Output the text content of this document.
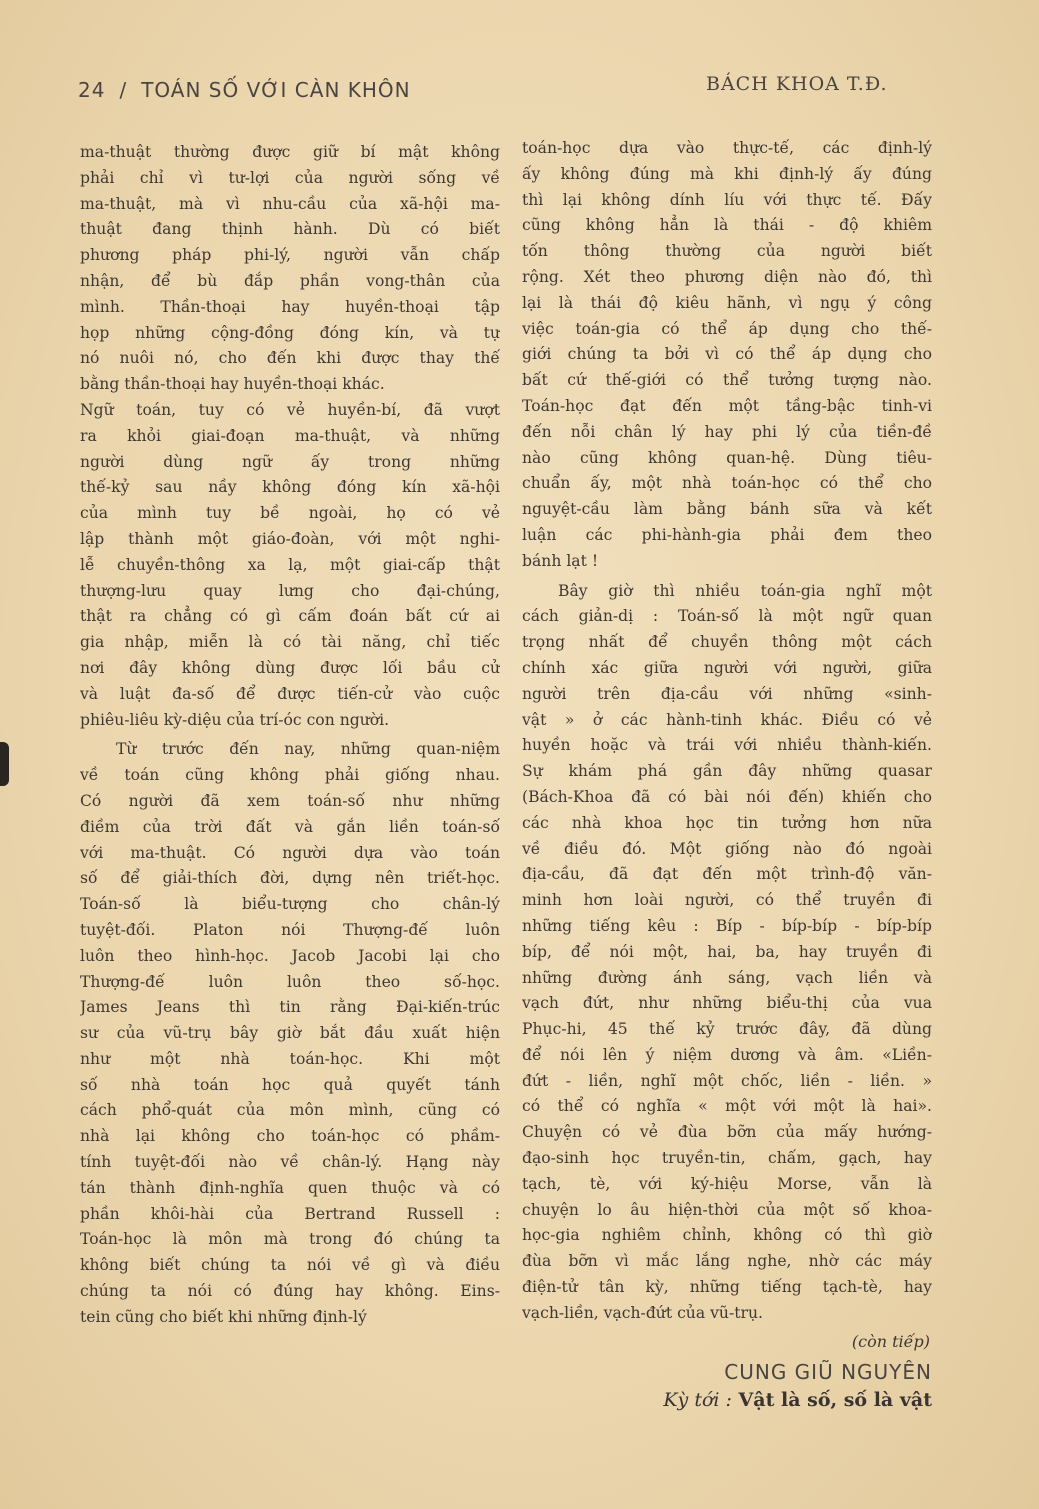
24 / TOÁN SỐ VỚI CÀN KHÔN	BÁCH KHOA T.Đ.
ma-thuật thường được giữ bí mật không
phải chỉ vì tư-lợi của người sống về
ma-thuật, mà vì nhu-cầu của xã-hội ma-
thuật đang thịnh hành. Dù có biết
phương pháp phi-lý, người vẫn chấp
nhận, để bù đắp phần vong-thân của
mình. Thần-thoại hay huyền-thoại tập
họp những cộng-đồng đóng kín, và tự
nó nuôi nó, cho đến khi được thay thế
bằng thần-thoại hay huyền-thoại khác.
Ngữ toán, tuy có vẻ huyền-bí, đã vượt
ra khỏi giai-đoạn ma-thuật, và những
người dùng ngữ ấy trong những
thế-kỷ sau nầy không đóng kín xã-hội
của mình tuy bề ngoài, họ có vẻ
lập thành một giáo-đoàn, với một nghi-
lễ chuyền-thông xa lạ, một giai-cấp thật
thượng-lưu quay lưng cho đại-chúng,
thật ra chẳng có gì cấm đoán bất cứ ai
gia nhập, miễn là có tài năng, chỉ tiếc
nơi đây không dùng được lối bầu cử
và luật đa-số để được tiến-cử vào cuộc
phiêu-liêu kỳ-diệu của trí-óc con người.
Từ trước đến nay, những quan-niệm
về toán cũng không phải giống nhau.
Có người đã xem toán-số như những
điềm của trời đất và gắn liền toán-số
với ma-thuật. Có người dựa vào toán
số để giải-thích đời, dựng nên triết-học.
Toán-số là biểu-tượng cho chân-lý
tuyệt-đối. Platon nói Thượng-đế luôn
luôn theo hình-học. Jacob Jacobi lại cho
Thượng-đế luôn luôn theo số-học.
James Jeans thì tin rằng Đại-kiến-trúc
sư của vũ-trụ bây giờ bắt đầu xuất hiện
như một nhà toán-học. Khi một
số nhà toán học quả quyết tánh
cách phổ-quát của môn mình, cũng có
nhà lại không cho toán-học có phầm-
tính tuyệt-đối nào về chân-lý. Hạng này
tán thành định-nghĩa quen thuộc và có
phần khôi-hài của Bertrand Russell :
Toán-học là môn mà trong đó chúng ta
không biết chúng ta nói về gì và điều
chúng ta nói có đúng hay không. Eins-
tein cũng cho biết khi những định-lý
toán-học dựa vào thực-tế, các định-lý
ấy không đúng mà khi định-lý ấy đúng
thì lại không dính líu với thực tế. Đấy
cũng không hẳn là thái - độ khiêm
tốn thông thường của người biết
rộng. Xét theo phương diện nào đó, thì
lại là thái độ kiêu hãnh, vì ngụ ý công
việc toán-gia có thể áp dụng cho thế-
giới chúng ta bởi vì có thể áp dụng cho
bất cứ thế-giới có thể tưởng tượng nào.
Toán-học đạt đến một tầng-bậc tinh-vi
đến nỗi chân lý hay phi lý của tiền-đề
nào cũng không quan-hệ. Dùng tiêu-
chuẩn ấy, một nhà toán-học có thể cho
nguyệt-cầu làm bằng bánh sữa và kết
luận các phi-hành-gia phải đem theo
bánh lạt !
Bây giờ thì nhiều toán-gia nghĩ một
cách giản-dị : Toán-số là một ngữ quan
trọng nhất để chuyền thông một cách
chính xác giữa người với người, giữa
người trên địa-cầu với những «sinh-
vật » ở các hành-tinh khác. Điều có vẻ
huyền hoặc và trái với nhiều thành-kiến.
Sự khám phá gần đây những quasar
(Bách-Khoa đã có bài nói đến) khiến cho
các nhà khoa học tin tưởng hơn nữa
về điều đó. Một giống nào đó ngoài
địa-cầu, đã đạt đến một trình-độ văn-
minh hơn loài người, có thể truyền đi
những tiếng kêu : Bíp - bíp-bíp - bíp-bíp
bíp, để nói một, hai, ba, hay truyền đi
những đường ánh sáng, vạch liền và
vạch đứt, như những biểu-thị của vua
Phục-hi, 45 thế kỷ trước đây, đã dùng
để nói lên ý niệm dương và âm. «Liền-
đứt - liền, nghĩ một chốc, liền - liền. »
có thể có nghĩa « một với một là hai».
Chuyện có vẻ đùa bỡn của mấy hướng-
đạo-sinh học truyền-tin, chấm, gạch, hay
tạch, tè, với ký-hiệu Morse, vẫn là
chuyện lo âu hiện-thời của một số khoa-
học-gia nghiêm chỉnh, không có thì giờ
đùa bỡn vì mắc lắng nghe, nhờ các máy
điện-tử tân kỳ, những tiếng tạch-tè, hay
vạch-liền, vạch-đứt của vũ-trụ.
(còn tiếp)
CUNG GIŨ NGUYÊN
Kỳ tới : Vật là số, số là vật
